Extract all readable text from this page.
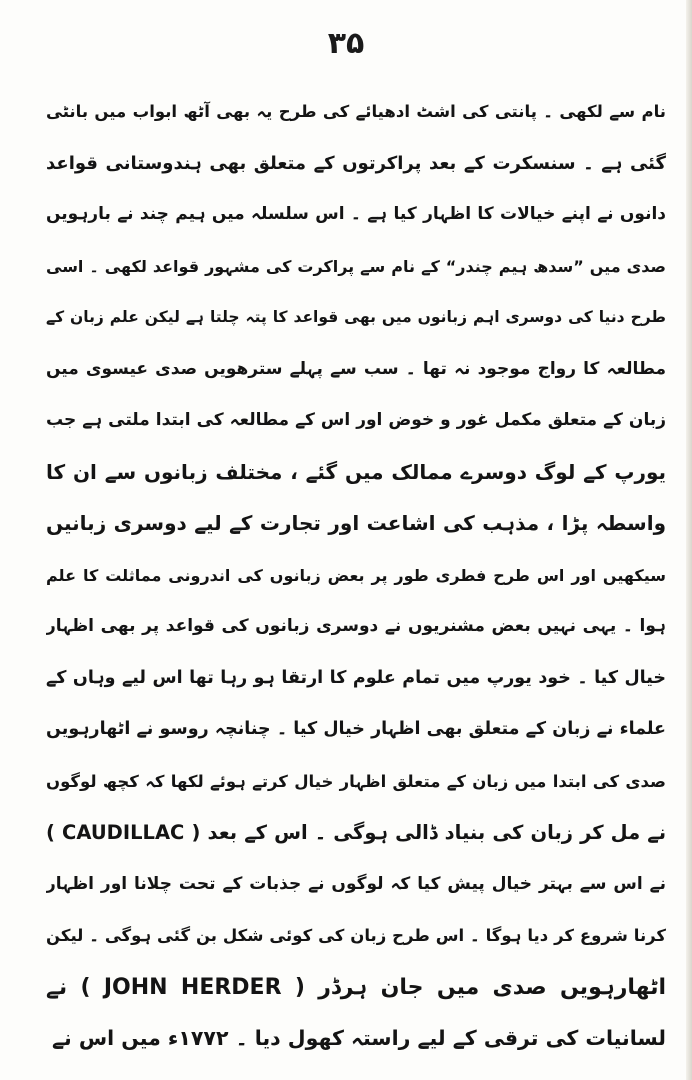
۳۵
نام سے لکھی ۔ پانتی کی اشٹ ادھیائے کی طرح یہ بھی آٹھ ابواب میں بانٹی
گئی ہے ۔ سنسکرت کے بعد پراکرتوں کے متعلق بھی ہندوستانی قواعد
دانوں نے اپنے خیالات کا اظہار کیا ہے ۔ اس سلسلہ میں ہیم چند نے بارہویں
صدی میں ”سدھ ہیم چندر“ کے نام سے پراکرت کی مشہور قواعد لکھی ۔ اسی
طرح دنیا کی دوسری اہم زبانوں میں بھی قواعد کا پتہ چلتا ہے لیکن علم زبان کے
مطالعہ کا رواج موجود نہ تھا ۔ سب سے پہلے سترھویں صدی عیسوی میں
زبان کے متعلق مکمل غور و خوض اور اس کے مطالعہ کی ابتدا ملتی ہے جب
یورپ کے لوگ دوسرے ممالک میں گئے ، مختلف زبانوں سے ان کا
واسطہ پڑا ، مذہب کی اشاعت اور تجارت کے لیے دوسری زبانیں
سیکھیں اور اس طرح فطری طور پر بعض زبانوں کی اندرونی مماثلت کا علم
ہوا ۔ یہی نہیں بعض مشنریوں نے دوسری زبانوں کی قواعد پر بھی اظہار
خیال کیا ۔ خود یورپ میں تمام علوم کا ارتقا ہو رہا تھا اس لیے وہاں کے
علماء نے زبان کے متعلق بھی اظہار خیال کیا ۔ چنانچہ روسو نے اٹھارہویں
صدی کی ابتدا میں زبان کے متعلق اظہار خیال کرتے ہوئے لکھا کہ کچھ لوگوں
نے مل کر زبان کی بنیاد ڈالی ہوگی ۔ اس کے بعد ( CAUDILLAC )
نے اس سے بہتر خیال پیش کیا کہ لوگوں نے جذبات کے تحت چلانا اور اظہار
کرنا شروع کر دیا ہوگا ۔ اس طرح زبان کی کوئی شکل بن گئی ہوگی ۔ لیکن
اٹھارہویں صدی میں جان ہرڈر ( JOHN HERDER ) نے
لسانیات کی ترقی کے لیے راستہ کھول دیا ۔ ۱۷۷۲ء میں اس نے
